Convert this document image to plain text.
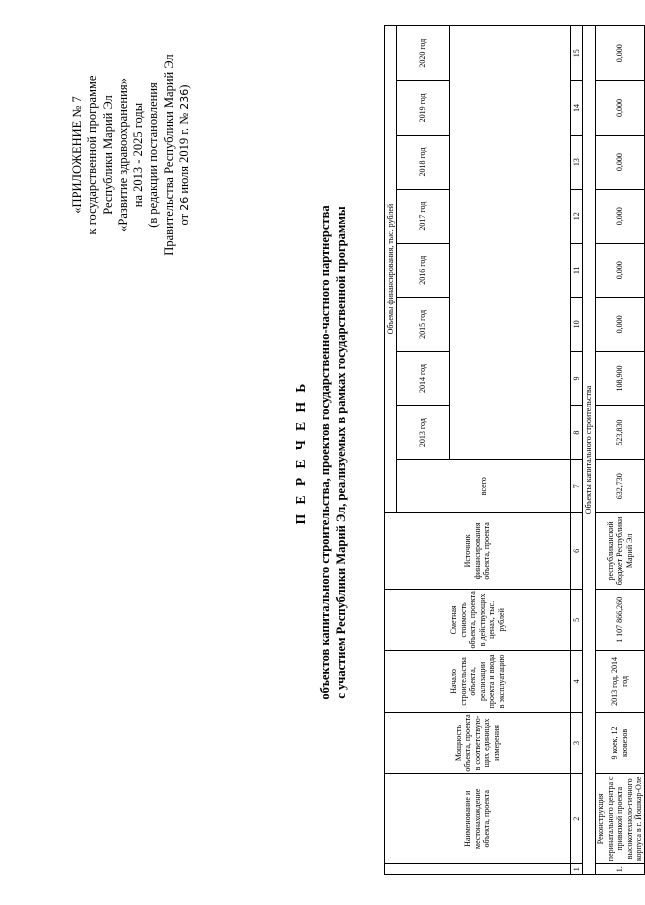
«ПРИЛОЖЕНИЕ № 7 к государственной программе Республики Марий Эл «Развитие здравоохранения» на 2013 - 2025 годы (в редакции постановления Правительства Республики Марий Эл от 26 июля 2019 г. № 236)
П Е Р Е Ч Е Н Ь объектов капитального строительства, проектов государственно-частного партнерства с участием Республики Марий Эл, реализуемых в рамках государственной программы
	Наименование и местонахождение объекта, проекта	Мощность объекта, проекта в соответствую-щих единицах измерения	Начало строительства объекта, реализации проекта и ввода в эксплуатацию	Сметная стоимость объекта, проекта в действующих ценах, тыс. рублей	Источник финансирования объекта, проекта	Объемы финансирования, тыс. рублей								
						всего	2013 год	2014 год	2015 год	2016 год	2017 год	2018 год	2019 год	2020 год

1	2	3	4	5	6	7	8	9	10	11	12	13	14	15
Объекты капитального строительства														
1.	Реконструкция перинатального центра с привязкой проекта высокотехноло-гичного корпуса в г. Йошкар-Оле	9 коек, 12 кювезов	2013 год, 2014 год	1 107 866,260	республиканский бюджет Республики Марий Эл	632,730	523,830	108,900	0,000	0,000	0,000	0,000	0,000	0,000
